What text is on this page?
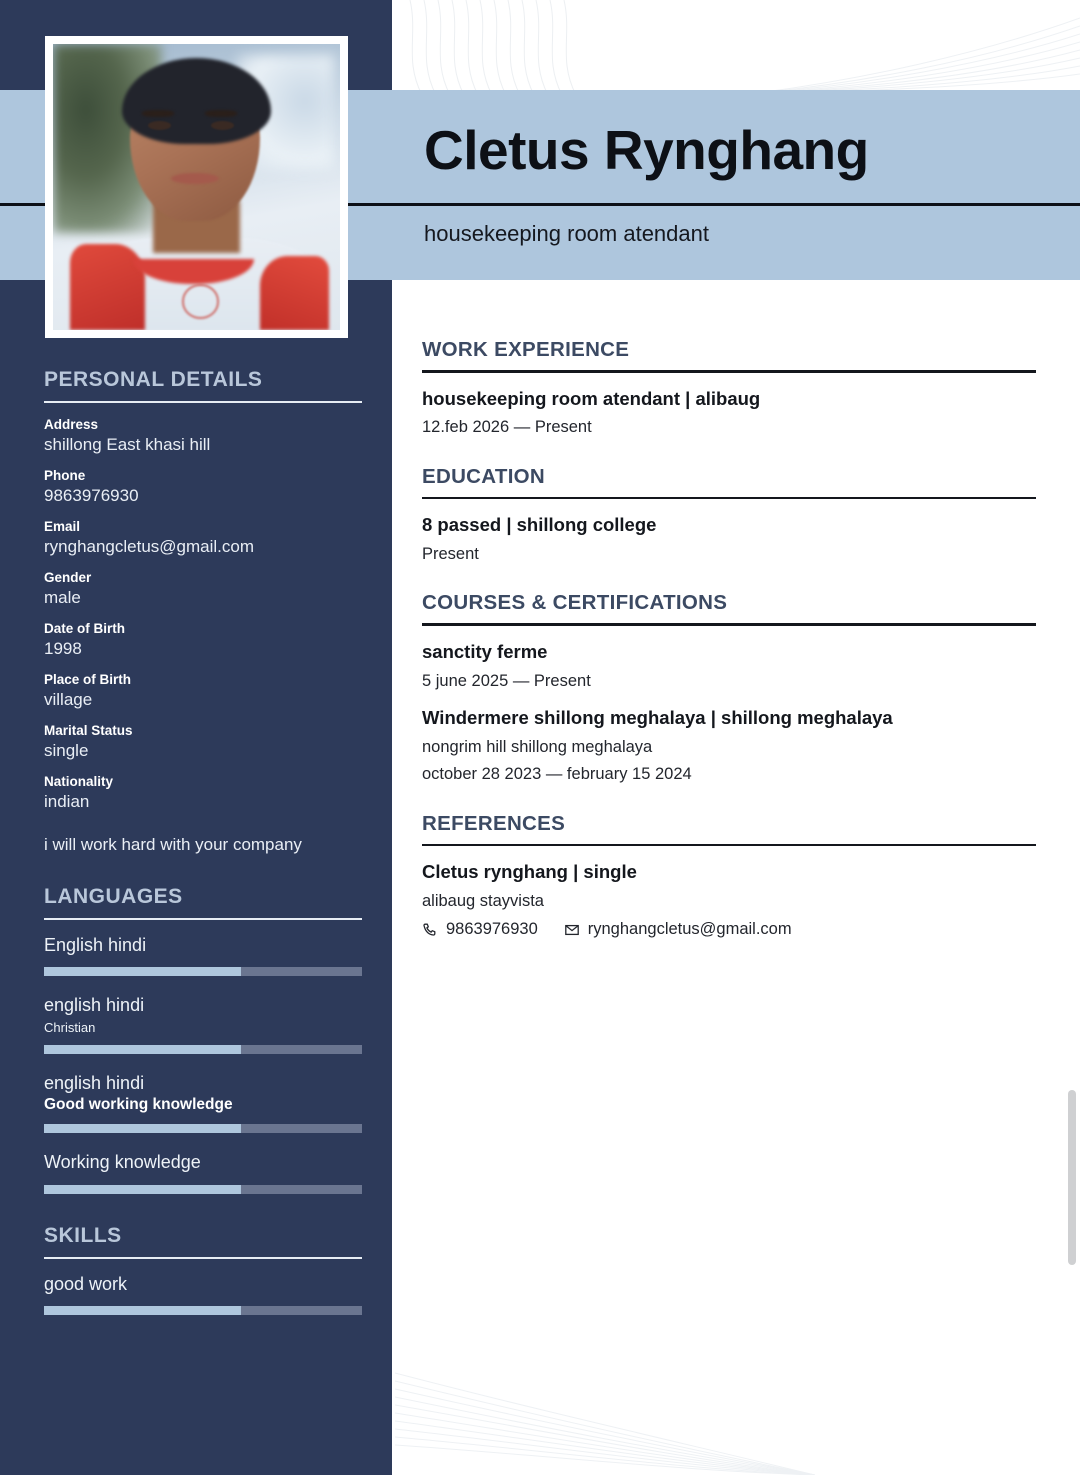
Cletus Rynghang
housekeeping room atendant
PERSONAL DETAILS
Address
shillong East khasi hill
Phone
9863976930
Email
rynghangcletus@gmail.com
Gender
male
Date of Birth
1998
Place of Birth
village
Marital Status
single
Nationality
indian
i will work hard with your company
LANGUAGES
English hindi
english hindi
Christian
english hindi
Good working knowledge
Working knowledge
SKILLS
good work
WORK EXPERIENCE
housekeeping room atendant | alibaug
12.feb 2026 — Present
EDUCATION
8 passed | shillong college
Present
COURSES & CERTIFICATIONS
sanctity ferme
5 june 2025 — Present
Windermere shillong meghalaya | shillong meghalaya
nongrim hill shillong meghalaya
october 28 2023 — february 15 2024
REFERENCES
Cletus rynghang | single
alibaug stayvista
9863976930	rynghangcletus@gmail.com
